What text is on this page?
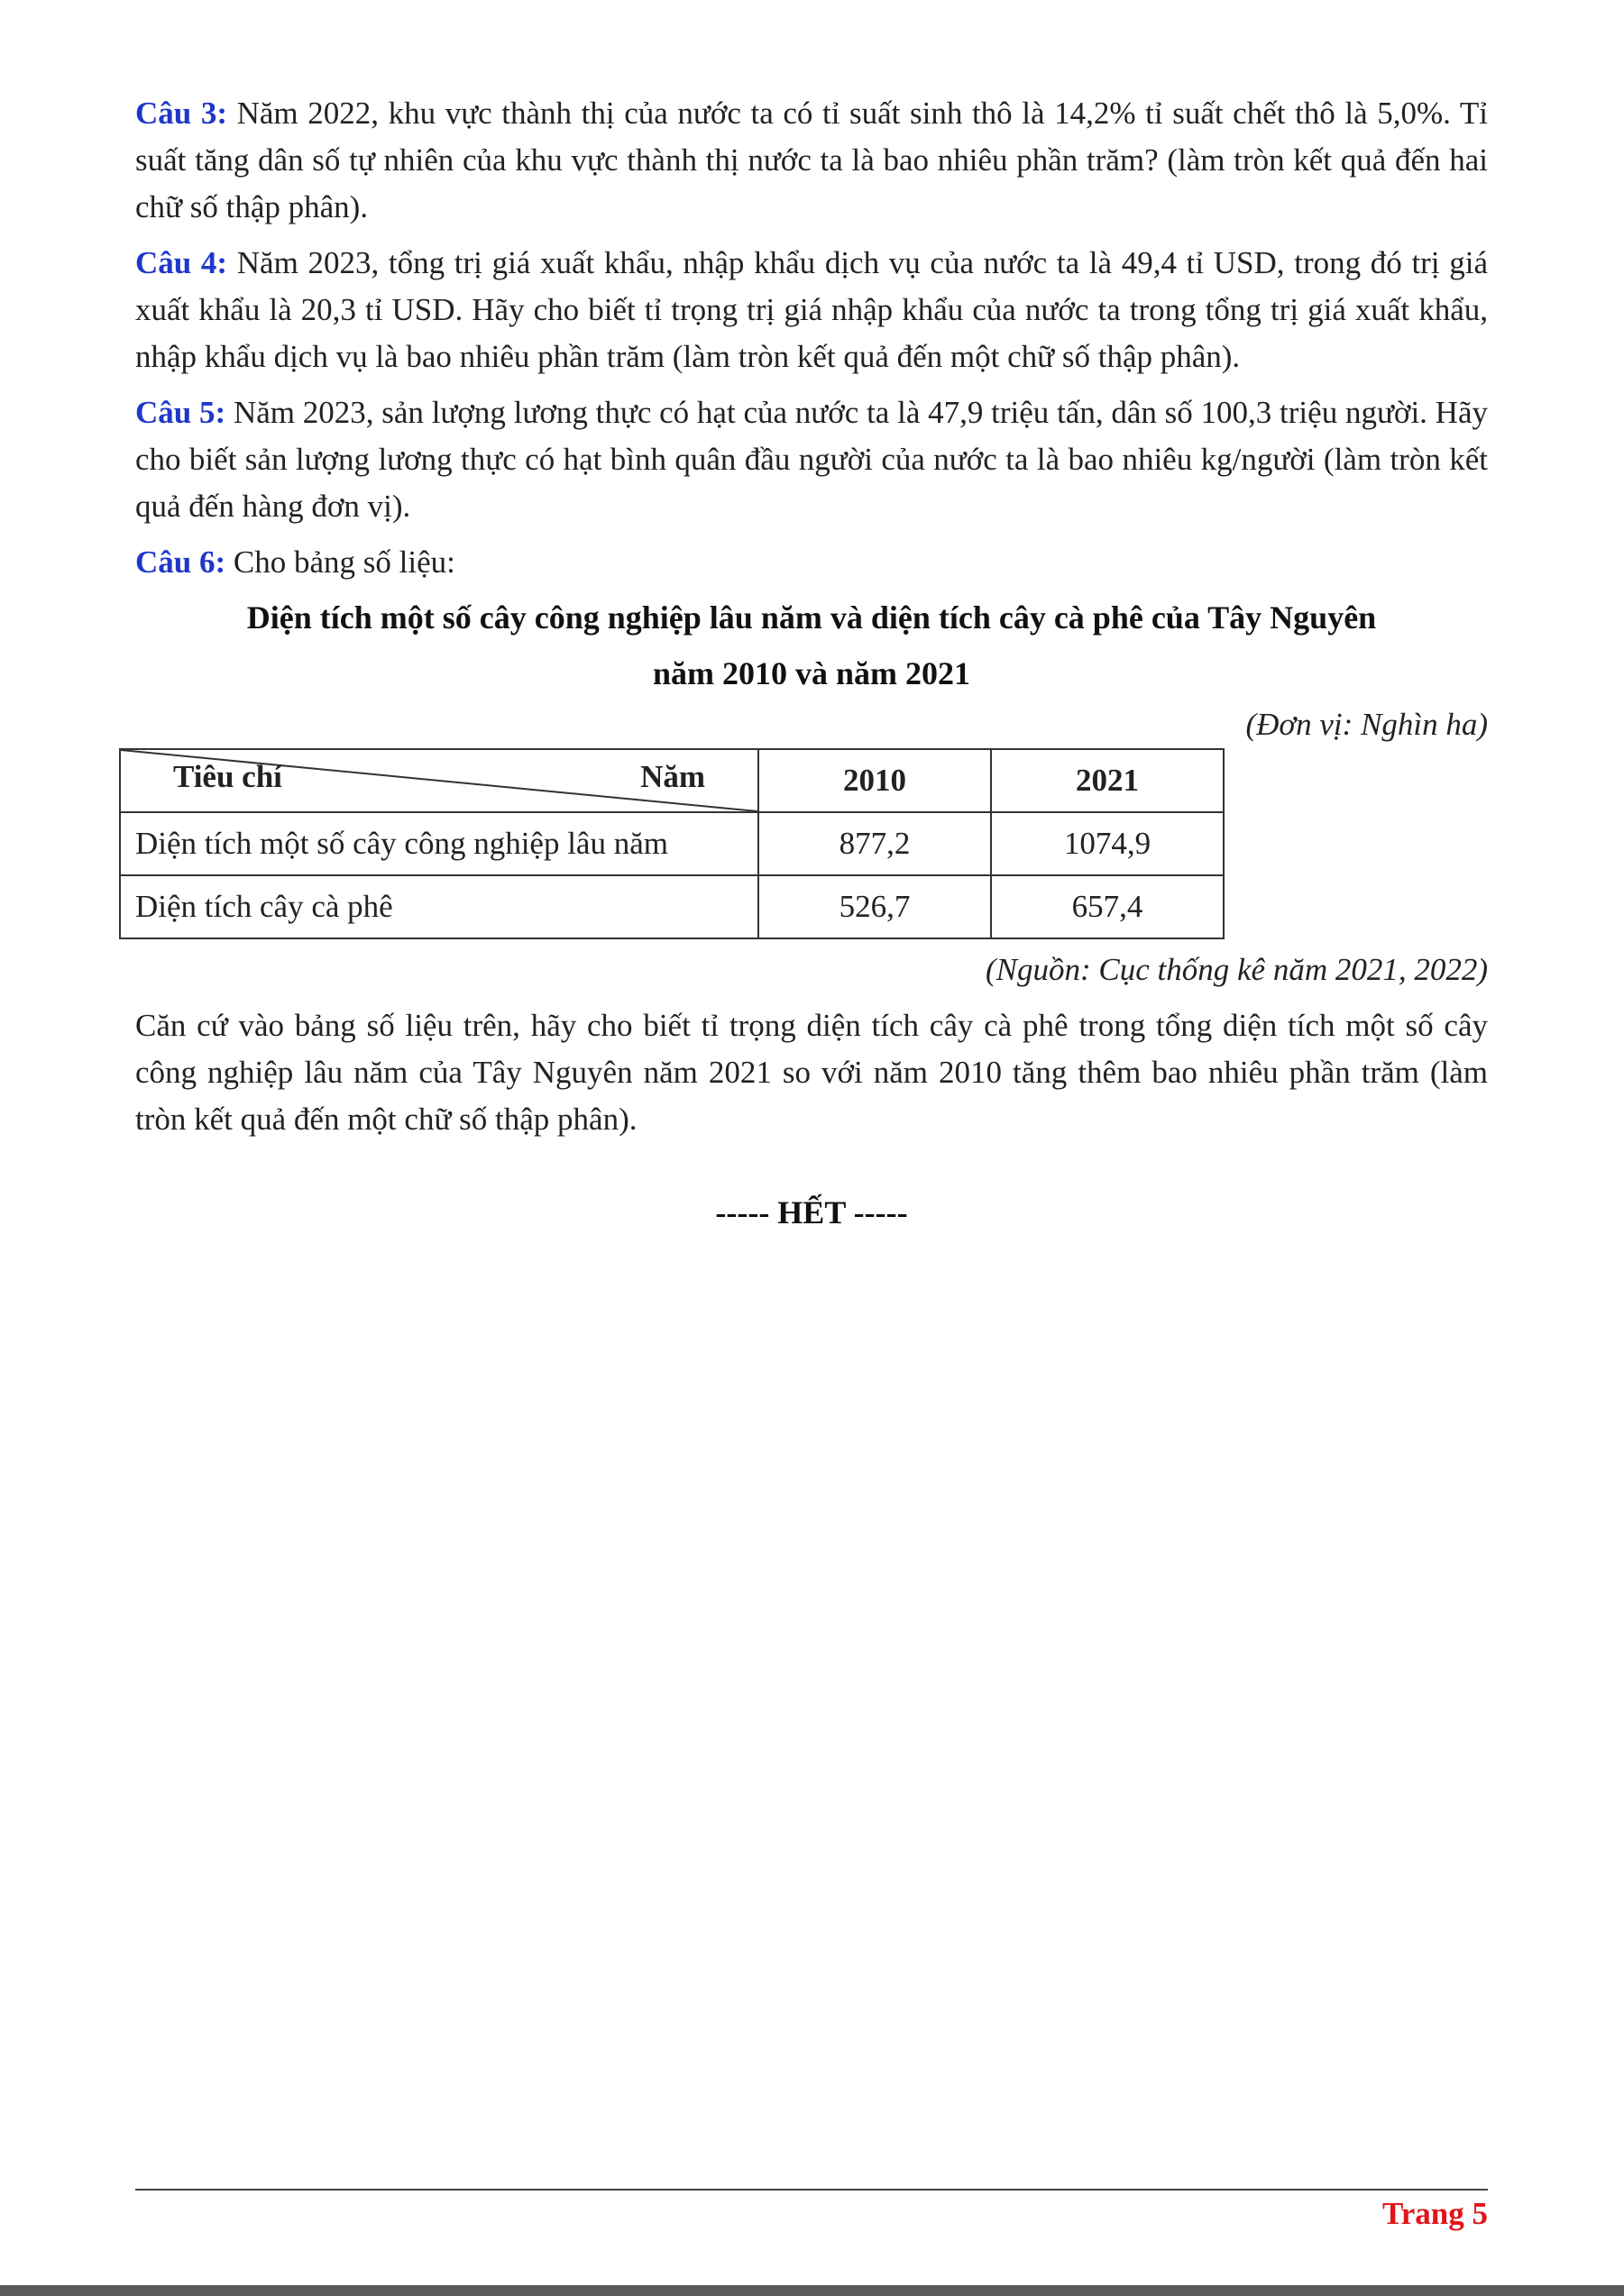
Câu 3: Năm 2022, khu vực thành thị của nước ta có tỉ suất sinh thô là 14,2% tỉ suất chết thô là 5,0%. Tỉ suất tăng dân số tự nhiên của khu vực thành thị nước ta là bao nhiêu phần trăm? (làm tròn kết quả đến hai chữ số thập phân).

Câu 4: Năm 2023, tổng trị giá xuất khẩu, nhập khẩu dịch vụ của nước ta là 49,4 tỉ USD, trong đó trị giá xuất khẩu là 20,3 tỉ USD. Hãy cho biết tỉ trọng trị giá nhập khẩu của nước ta trong tổng trị giá xuất khẩu, nhập khẩu dịch vụ là bao nhiêu phần trăm (làm tròn kết quả đến một chữ số thập phân).

Câu 5: Năm 2023, sản lượng lương thực có hạt của nước ta là 47,9 triệu tấn, dân số 100,3 triệu người. Hãy cho biết sản lượng lương thực có hạt bình quân đầu người của nước ta là bao nhiêu kg/người (làm tròn kết quả đến hàng đơn vị).

Câu 6: Cho bảng số liệu:

Diện tích một số cây công nghiệp lâu năm và diện tích cây cà phê của Tây Nguyên
năm 2010 và năm 2021

(Đơn vị: Nghìn ha)

Tiêu chí Năm	2010	2021
Diện tích một số cây công nghiệp lâu năm	877,2	1074,9
Diện tích cây cà phê	526,7	657,4

(Nguồn: Cục thống kê năm 2021, 2022)

Căn cứ vào bảng số liệu trên, hãy cho biết tỉ trọng diện tích cây cà phê trong tổng diện tích một số cây công nghiệp lâu năm của Tây Nguyên năm 2021 so với năm 2010 tăng thêm bao nhiêu phần trăm (làm tròn kết quả đến một chữ số thập phân).

----- HẾT -----
Trang 5
